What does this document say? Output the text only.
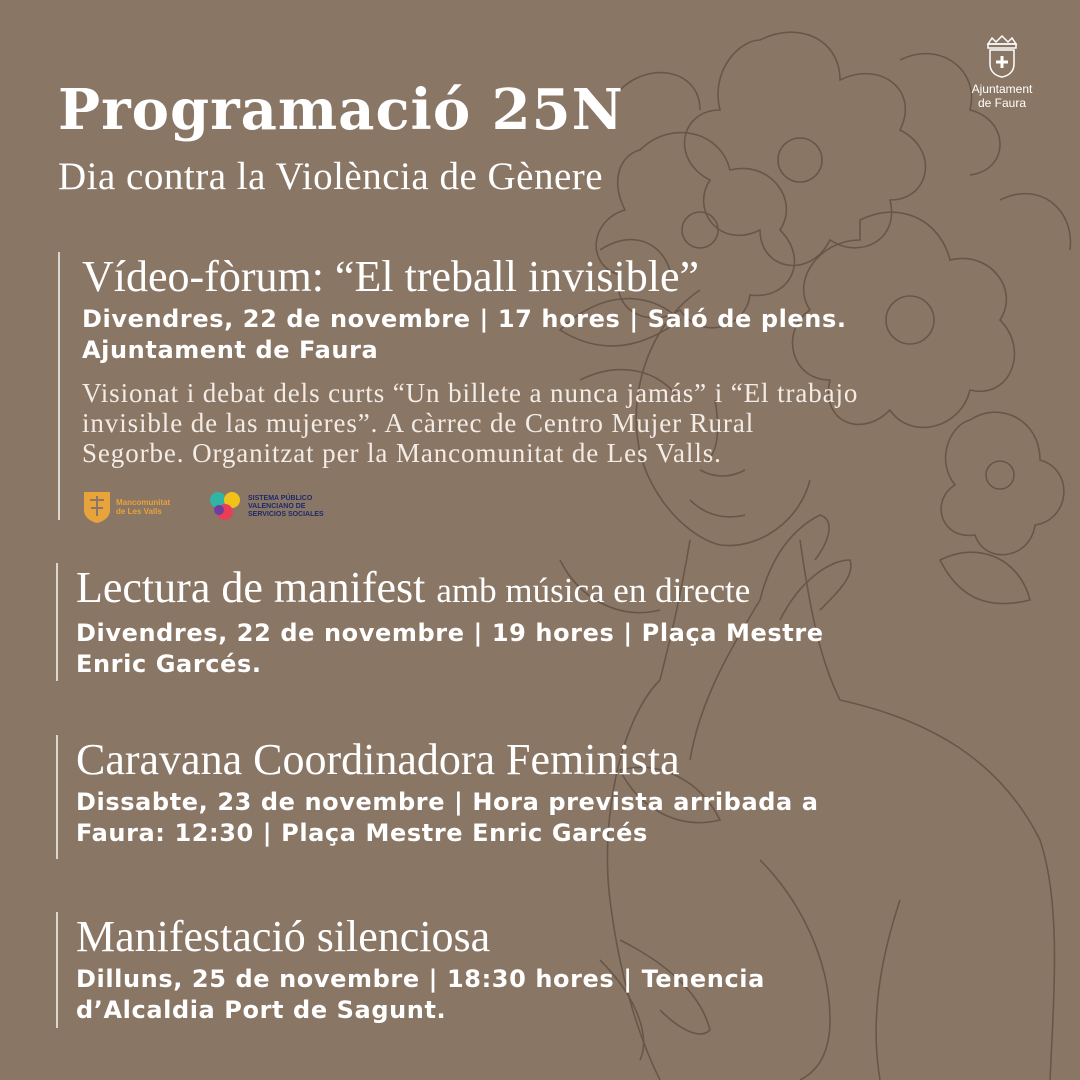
Ajuntament
de Faura
Programació 25N
Dia contra la Violència de Gènere
Vídeo-fòrum: “El treball invisible”
Divendres, 22 de novembre | 17 hores | Saló de plens.
Ajuntament de Faura
Visionat i debat dels curts “Un billete a nunca jamás” i “El trabajo
invisible de las mujeres”. A càrrec de Centro Mujer Rural
Segorbe. Organitzat per la Mancomunitat de Les Valls.
Mancomunitat
de Les Valls
SISTEMA PÚBLICO
VALENCIANO DE
SERVICIOS SOCIALES
Lectura de manifest amb música en directe
Divendres, 22 de novembre | 19 hores | Plaça Mestre
Enric Garcés.
Caravana Coordinadora Feminista
Dissabte, 23 de novembre | Hora prevista arribada a
Faura: 12:30 | Plaça Mestre Enric Garcés
Manifestació silenciosa
Dilluns, 25 de novembre | 18:30 hores | Tenencia
d’Alcaldia Port de Sagunt.
